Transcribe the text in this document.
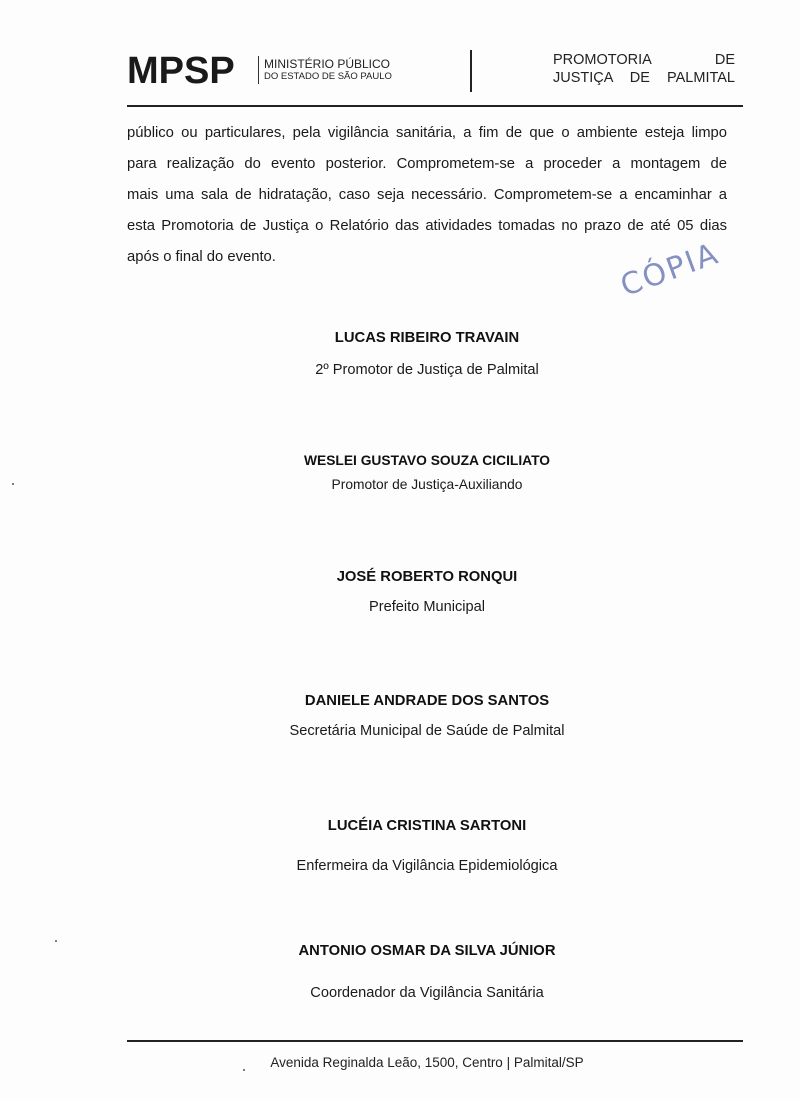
MPSP MINISTÉRIO PÚBLICO
DO ESTADO DE SÃO PAULO
PROMOTORIA DE
JUSTIÇA DE PALMITAL
público ou particulares, pela vigilância sanitária, a fim de que o ambiente esteja limpo
para realização do evento posterior. Comprometem-se a proceder a montagem de
mais uma sala de hidratação, caso seja necessário. Comprometem-se a encaminhar a
esta Promotoria de Justiça o Relatório das atividades tomadas no prazo de até 05 dias
após o final do evento.	CÓPIA
LUCAS RIBEIRO TRAVAIN
2º Promotor de Justiça de Palmital
WESLEI GUSTAVO SOUZA CICILIATO
Promotor de Justiça-Auxiliando
JOSÉ ROBERTO RONQUI
Prefeito Municipal
DANIELE ANDRADE DOS SANTOS
Secretária Municipal de Saúde de Palmital
LUCÉIA CRISTINA SARTONI
Enfermeira da Vigilância Epidemiológica
ANTONIO OSMAR DA SILVA JÚNIOR
Coordenador da Vigilância Sanitária
Avenida Reginalda Leão, 1500, Centro | Palmital/SP
